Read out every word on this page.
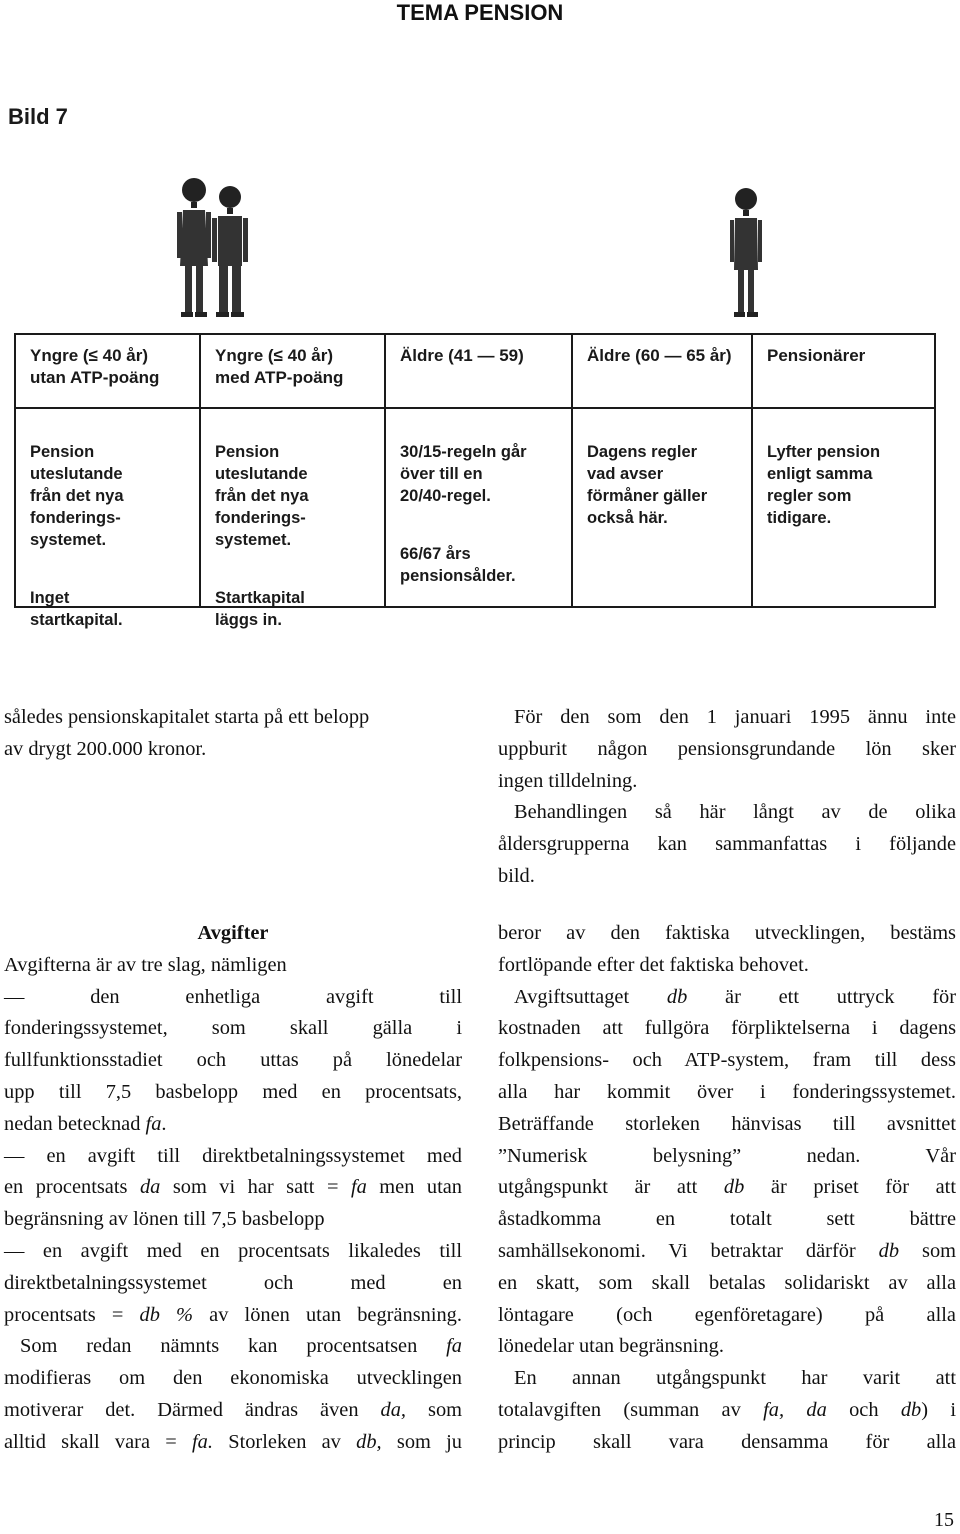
TEMA PENSION
Bild 7
Yngre (≤ 40 år)
utan ATP-poäng

Pension
uteslutande
från det nya
fonderings-
systemet.

Inget
startkapital.

Yngre (≤ 40 år)
med ATP-poäng

Pension
uteslutande
från det nya
fonderings-
systemet.

Startkapital
läggs in.

Äldre (41 — 59)

30/15-regeln går
över till en
20/40-regel.

66/67 års
pensionsålder.

Äldre (60 — 65 år)

Dagens regler
vad avser
förmåner gäller
också här.

Pensionärer

Lyfter pension
enligt samma
regler som
tidigare.

således pensionskapitalet starta på ett belopp

av drygt 200.000 kronor.

För den som den 1 januari 1995 ännu inte

uppburit någon pensionsgrundande lön sker

ingen tilldelning.

Behandlingen så här långt av de olika

åldersgrupperna kan sammanfattas i följande

bild.

Avgifter

Avgifterna är av tre slag, nämligen

— den enhetliga avgift till

fonderingssystemet, som skall gälla i

fullfunktionsstadiet och uttas på lönedelar

upp till 7,5 basbelopp med en procentsats,

nedan betecknad fa.

— en avgift till direktbetalningssystemet med

en procentsats da som vi har satt = fa men utan

begränsning av lönen till 7,5 basbelopp

— en avgift med en procentsats likaledes till

direktbetalningssystemet och med en

procentsats = db % av lönen utan begränsning.

Som redan nämnts kan procentsatsen fa

modifieras om den ekonomiska utvecklingen

motiverar det. Därmed ändras även da, som

alltid skall vara = fa. Storleken av db, som ju

beror av den faktiska utvecklingen, bestäms

fortlöpande efter det faktiska behovet.

Avgiftsuttaget db är ett uttryck för

kostnaden att fullgöra förpliktelserna i dagens

folkpensions- och ATP-system, fram till dess

alla har kommit över i fonderingssystemet.

Beträffande storleken hänvisas till avsnittet

”Numerisk belysning” nedan. Vår

utgångspunkt är att db är priset för att

åstadkomma en totalt sett bättre

samhällsekonomi. Vi betraktar därför db som

en skatt, som skall betalas solidariskt av alla

löntagare (och egenföretagare) på alla

lönedelar utan begränsning.

En annan utgångspunkt har varit att

totalavgiften (summan av fa, da och db) i

princip skall vara densamma för alla

15
